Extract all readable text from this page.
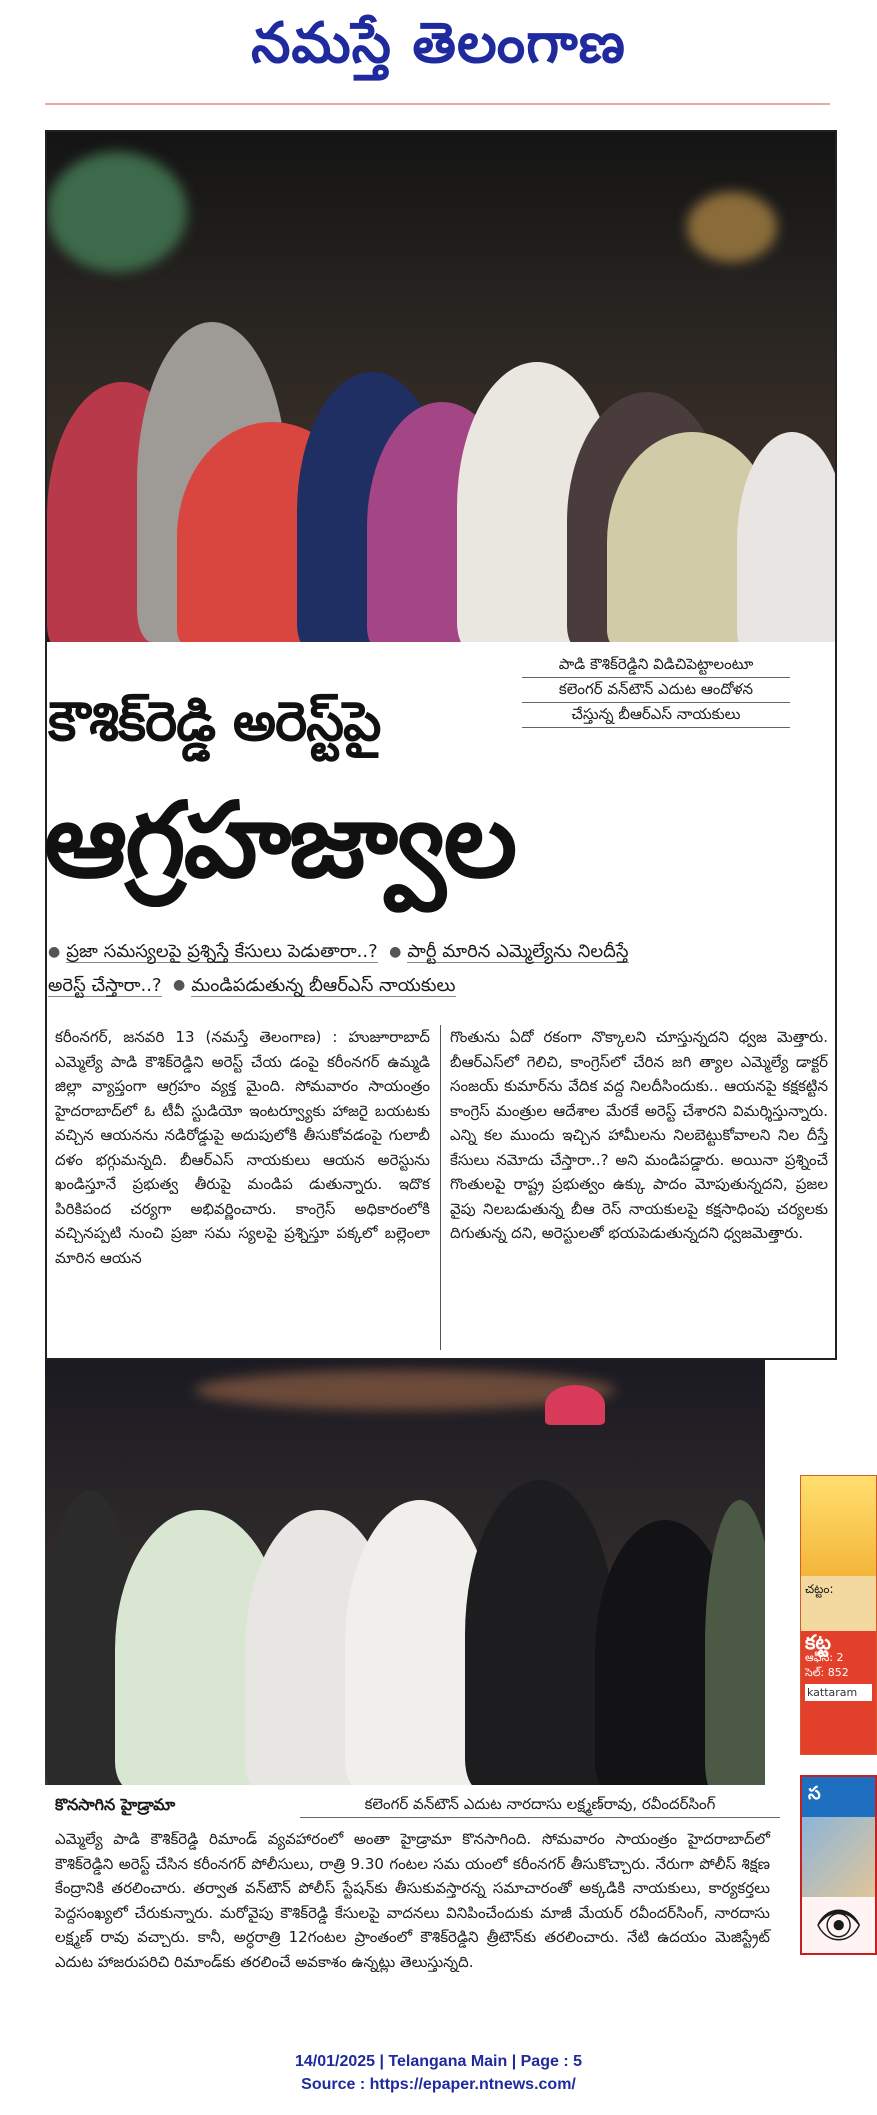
నమస్తే తెలంగాణ
పాడి కౌశిక్‌రెడ్డిని విడిచిపెట్టాలంటూ
కలెంగర్ వన్‌టౌన్ ఎదుట ఆందోళన
చేస్తున్న బీఆర్‌ఎస్ నాయకులు
కౌశిక్‌రెడ్డి అరెస్ట్‌పై
ఆగ్రహజ్వాల
● ప్రజా సమస్యలపై ప్రశ్నిస్తే కేసులు పెడుతారా..? ● పార్టీ మారిన ఎమ్మెల్యేను నిలదీస్తే
అరెస్ట్ చేస్తారా..? ● మండిపడుతున్న బీఆర్‌ఎస్ నాయకులు
కరీంనగర్, జనవరి 13 (నమస్తే తెలంగాణ) : హుజూరాబాద్ ఎమ్మెల్యే పాడి కౌశిక్‌రెడ్డిని అరెస్ట్ చేయ డంపై కరీంనగర్ ఉమ్మడి జిల్లా వ్యాప్తంగా ఆగ్రహం వ్యక్త మైంది. సోమవారం సాయంత్రం హైదరాబాద్‌లో ఓ టీవీ స్టుడియో ఇంటర్వ్యూకు హాజరై బయటకు వచ్చిన ఆయనను నడిరోడ్డుపై అదుపులోకి తీసుకోవడంపై గులాబీ దళం భగ్గుమన్నది. బీఆర్‌ఎస్ నాయకులు ఆయన అరెస్టును ఖండిస్తూనే ప్రభుత్వ తీరుపై మండిప డుతున్నారు. ఇదొక పిరికిపంద చర్యగా అభివర్ణించారు. కాంగ్రెస్ అధికారంలోకి వచ్చినప్పటి నుంచి ప్రజా సమ స్యలపై ప్రశ్నిస్తూ పక్కలో బల్లెంలా మారిన ఆయన
గొంతును ఏదో రకంగా నొక్కాలని చూస్తున్నదని ధ్వజ మెత్తారు. బీఆర్‌ఎస్‌లో గెలిచి, కాంగ్రెస్‌లో చేరిన జగి త్యాల ఎమ్మెల్యే డాక్టర్ సంజయ్ కుమార్‌ను వేదిక వద్ద నిలదీసిందుకు.. ఆయనపై కక్షకట్టిన కాంగ్రెస్ మంత్రుల ఆదేశాల మేరకే అరెస్ట్ చేశారని విమర్శిస్తున్నారు. ఎన్ని కల ముందు ఇచ్చిన హామీలను నిలబెట్టుకోవాలని నిల దీస్తే కేసులు నమోదు చేస్తారా..? అని మండిపడ్డారు. అయినా ప్రశ్నించే గొంతులపై రాష్ట్ర ప్రభుత్వం ఉక్కు పాదం మోపుతున్నదని, ప్రజల వైపు నిలబడుతున్న బీఆ రెస్ నాయకులపై కక్షసాధింపు చర్యలకు దిగుతున్న దని, అరెస్టులతో భయపెడుతున్నదని ధ్వజమెత్తారు.
కొనసాగిన హైడ్రామా	కలెంగర్ వన్‌టౌన్ ఎదుట నారదాసు లక్ష్మణ్‌రావు, రవీందర్‌సింగ్
ఎమ్మెల్యే పాడి కౌశిక్‌రెడ్డి రిమాండ్ వ్యవహారంలో అంతా హైడ్రామా కొనసాగింది. సోమవారం సాయంత్రం హైదరాబాద్‌లో కౌశిక్‌రెడ్డిని అరెస్ట్ చేసిన కరీంనగర్ పోలీసులు, రాత్రి 9.30 గంటల సమ యంలో కరీంనగర్ తీసుకొచ్చారు. నేరుగా పోలీస్ శిక్షణ కేంద్రానికి తరలించారు. తర్వాత వన్‌టౌన్ పోలీస్ స్టేషన్‌కు తీసుకువస్తారన్న సమాచారంతో అక్కడికి నాయకులు, కార్యకర్తలు పెద్దసంఖ్యలో చేరుకున్నారు. మరోవైపు కౌశిక్‌రెడ్డి కేసులపై వాదనలు వినిపించేందుకు మాజీ మేయర్ రవీందర్‌సింగ్, నారదాసు లక్ష్మణ్ రావు వచ్చారు. కానీ, అర్ధరాత్రి 12గంటల ప్రాంతంలో కౌశిక్‌రెడ్డిని త్రీటౌన్‌కు తరలించారు. నేటి ఉదయం మెజిస్ట్రేట్ ఎదుట హాజరుపరిచి రిమాండ్‌కు తరలించే అవకాశం ఉన్నట్లు తెలుస్తున్నది.
చట్టం:
కట్ట
ఆఫీస్: 2
సెల్: 852
kattaram
స
👁
14/01/2025 | Telangana Main | Page : 5
Source : https://epaper.ntnews.com/
